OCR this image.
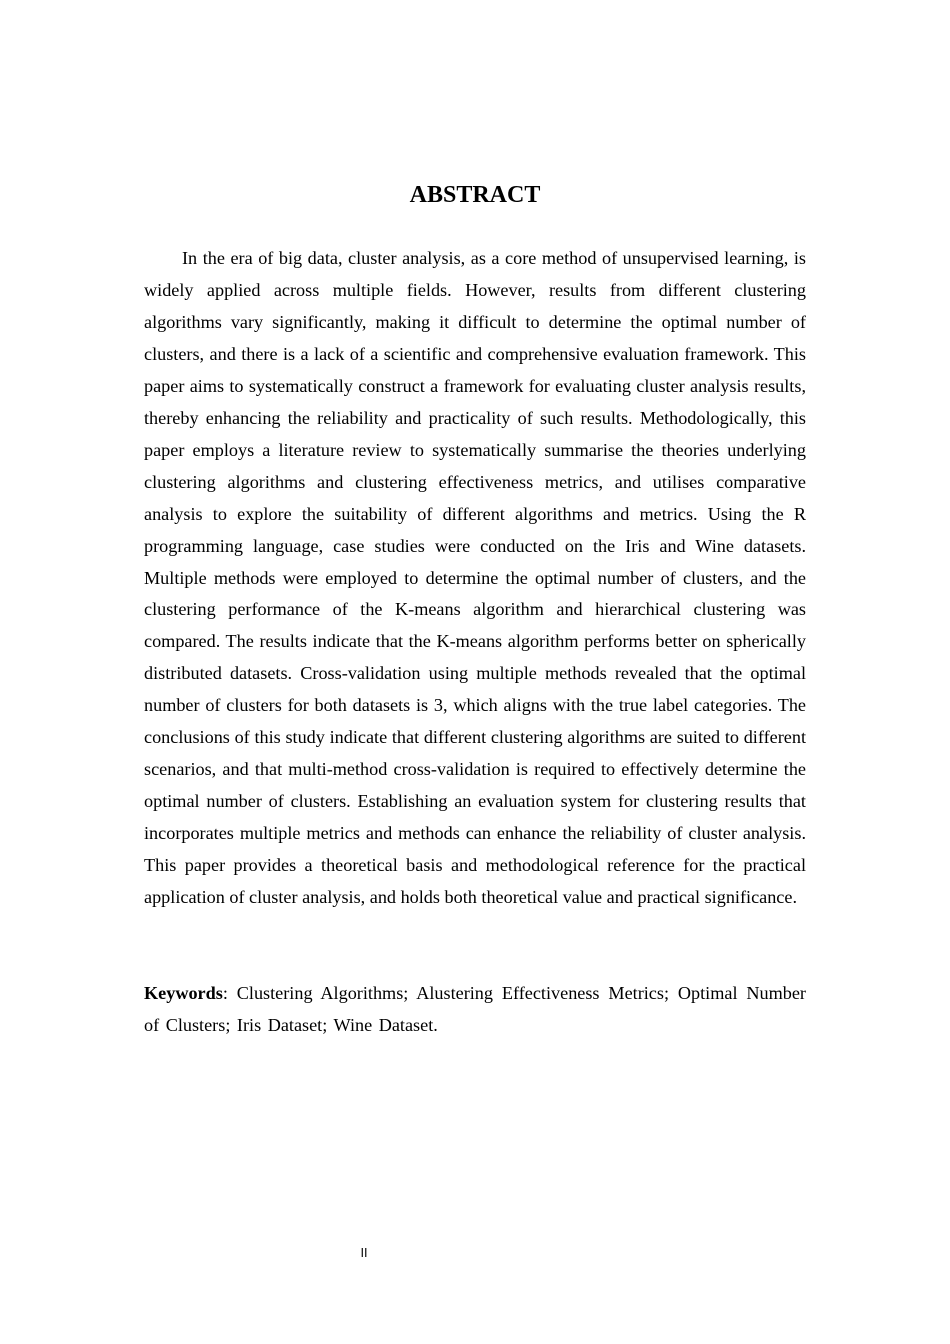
ABSTRACT

In the era of big data, cluster analysis, as a core method of unsupervised learning, is widely applied across multiple fields. However, results from different clustering algorithms vary significantly, making it difficult to determine the optimal number of clusters, and there is a lack of a scientific and comprehensive evaluation framework. This paper aims to systematically construct a framework for evaluating cluster analysis results, thereby enhancing the reliability and practicality of such results. Methodologically, this paper employs a literature review to systematically summarise the theories underlying clustering algorithms and clustering effectiveness metrics, and utilises comparative analysis to explore the suitability of different algorithms and metrics. Using the R programming language, case studies were conducted on the Iris and Wine datasets. Multiple methods were employed to determine the optimal number of clusters, and the clustering performance of the K-means algorithm and hierarchical clustering was compared. The results indicate that the K-means algorithm performs better on spherically distributed datasets. Cross-validation using multiple methods revealed that the optimal number of clusters for both datasets is 3, which aligns with the true label categories. The conclusions of this study indicate that different clustering algorithms are suited to different scenarios, and that multi-method cross-validation is required to effectively determine the optimal number of clusters. Establishing an evaluation system for clustering results that incorporates multiple metrics and methods can enhance the reliability of cluster analysis. This paper provides a theoretical basis and methodological reference for the practical application of cluster analysis, and holds both theoretical value and practical significance.

Keywords: Clustering Algorithms; Alustering Effectiveness Metrics; Optimal Number of Clusters; Iris Dataset; Wine Dataset.

II
